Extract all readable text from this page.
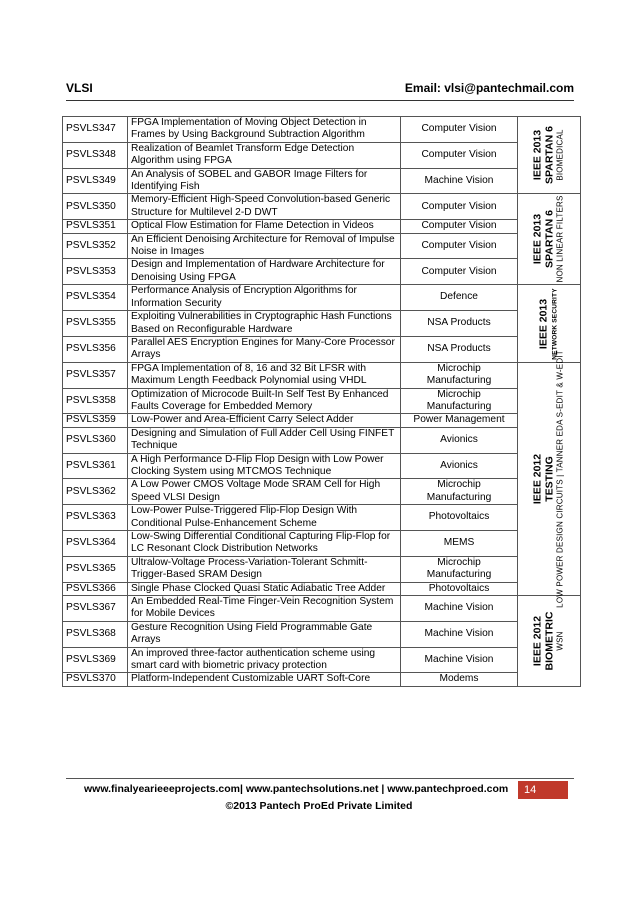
VLSI	Email: vlsi@pantechmail.com
PSVLS347	FPGA Implementation of Moving Object Detection in Frames by Using Background Subtraction Algorithm	Computer Vision	IEEE 2013 SPARTAN 6 BIOMEDICAL

PSVLS348	Realization of Beamlet Transform Edge Detection Algorithm using FPGA	Computer Vision	
PSVLS349	An Analysis of SOBEL and GABOR Image Filters for Identifying Fish	Machine Vision	
PSVLS350	Memory-Efficient High-Speed Convolution-based Generic Structure for Multilevel 2-D DWT	Computer Vision	IEEE 2013 SPARTAN 6 NON LINEAR FILTERS

PSVLS351	Optical Flow Estimation for Flame Detection in Videos	Computer Vision	
PSVLS352	An Efficient Denoising Architecture for Removal of Impulse Noise in Images	Computer Vision	
PSVLS353	Design and Implementation of Hardware Architecture for Denoising Using FPGA	Computer Vision	
PSVLS354	Performance Analysis of Encryption Algorithms for Information Security	Defence	IEEE 2013 NETWORK SECURITY

PSVLS355	Exploiting Vulnerabilities in Cryptographic Hash Functions Based on Reconfigurable Hardware	NSA Products	
PSVLS356	Parallel AES Encryption Engines for Many-Core Processor Arrays	NSA Products	
PSVLS357	FPGA Implementation of 8, 16 and 32 Bit LFSR with Maximum Length Feedback Polynomial using VHDL	Microchip Manufacturing	IEEE 2012 TESTING LOW POWER DESIGN CIRCUITS | TANNER EDA S-EDIT & W-EDIT

PSVLS358	Optimization of Microcode Built-In Self Test By Enhanced Faults Coverage for Embedded Memory	Microchip Manufacturing	
PSVLS359	Low-Power and Area-Efficient Carry Select Adder	Power Management	
PSVLS360	Designing and Simulation of Full Adder Cell Using FINFET Technique	Avionics	
PSVLS361	A High Performance D-Flip Flop Design with Low Power Clocking System using MTCMOS Technique	Avionics	
PSVLS362	A Low Power CMOS Voltage Mode SRAM Cell for High Speed VLSI Design	Microchip Manufacturing	
PSVLS363	Low-Power Pulse-Triggered Flip-Flop Design With Conditional Pulse-Enhancement Scheme	Photovoltaics	
PSVLS364	Low-Swing Differential Conditional Capturing Flip-Flop for LC Resonant Clock Distribution Networks	MEMS	
PSVLS365	Ultralow-Voltage Process-Variation-Tolerant Schmitt-Trigger-Based SRAM Design	Microchip Manufacturing	
PSVLS366	Single Phase Clocked Quasi Static Adiabatic Tree Adder	Photovoltaics	
PSVLS367	An Embedded Real-Time Finger-Vein Recognition System for Mobile Devices	Machine Vision	IEEE 2012 BIOMETRIC WSN

PSVLS368	Gesture Recognition Using Field Programmable Gate Arrays	Machine Vision	
PSVLS369	An improved three-factor authentication scheme using smart card with biometric privacy protection	Machine Vision	
PSVLS370	Platform-Independent Customizable UART Soft-Core	Modems	
www.finalyearieeeprojects.com| www.pantechsolutions.net | www.pantechproed.com	14
©2013 Pantech ProEd Private Limited
